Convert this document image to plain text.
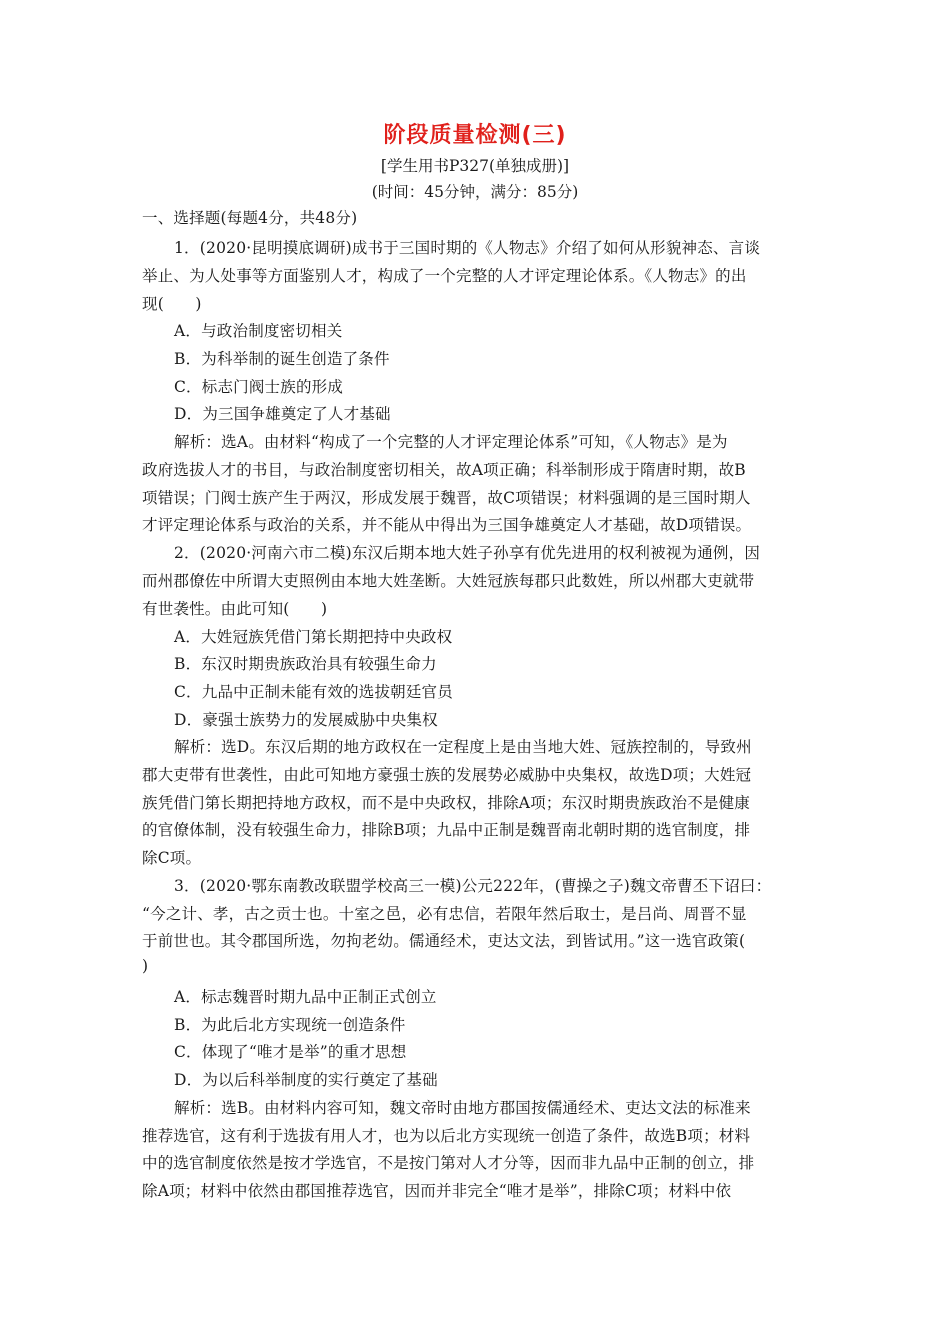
阶段质量检测(三)
[学生用书P327(单独成册)]
(时间：45分钟，满分：85分)
一、选择题(每题4分，共48分)
1．(2020·昆明摸底调研)成书于三国时期的《人物志》介绍了如何从形貌神态、言谈
举止、为人处事等方面鉴别人才，构成了一个完整的人才评定理论体系。《人物志》的出
现(　　)
A．与政治制度密切相关
B．为科举制的诞生创造了条件
C．标志门阀士族的形成
D．为三国争雄奠定了人才基础
解析：选A。由材料“构成了一个完整的人才评定理论体系”可知，《人物志》是为
政府选拔人才的书目，与政治制度密切相关，故A项正确；科举制形成于隋唐时期，故B
项错误；门阀士族产生于两汉，形成发展于魏晋，故C项错误；材料强调的是三国时期人
才评定理论体系与政治的关系，并不能从中得出为三国争雄奠定人才基础，故D项错误。
2．(2020·河南六市二模)东汉后期本地大姓子孙享有优先进用的权利被视为通例，因
而州郡僚佐中所谓大吏照例由本地大姓垄断。大姓冠族每郡只此数姓，所以州郡大吏就带
有世袭性。由此可知(　　)
A．大姓冠族凭借门第长期把持中央政权
B．东汉时期贵族政治具有较强生命力
C．九品中正制未能有效的选拔朝廷官员
D．豪强士族势力的发展威胁中央集权
解析：选D。东汉后期的地方政权在一定程度上是由当地大姓、冠族控制的，导致州
郡大吏带有世袭性，由此可知地方豪强士族的发展势必威胁中央集权，故选D项；大姓冠
族凭借门第长期把持地方政权，而不是中央政权，排除A项；东汉时期贵族政治不是健康
的官僚体制，没有较强生命力，排除B项；九品中正制是魏晋南北朝时期的选官制度，排
除C项。
3．(2020·鄂东南教改联盟学校高三一模)公元222年，(曹操之子)魏文帝曹丕下诏曰：
“今之计、孝，古之贡士也。十室之邑，必有忠信，若限年然后取士，是吕尚、周晋不显
于前世也。其令郡国所选，勿拘老幼。儒通经术，吏达文法，到皆试用。”这一选官政策(
)
A．标志魏晋时期九品中正制正式创立
B．为此后北方实现统一创造条件
C．体现了“唯才是举”的重才思想
D．为以后科举制度的实行奠定了基础
解析：选B。由材料内容可知，魏文帝时由地方郡国按儒通经术、吏达文法的标准来
推荐选官，这有利于选拔有用人才，也为以后北方实现统一创造了条件，故选B项；材料
中的选官制度依然是按才学选官，不是按门第对人才分等，因而非九品中正制的创立，排
除A项；材料中依然由郡国推荐选官，因而并非完全“唯才是举”，排除C项；材料中依
